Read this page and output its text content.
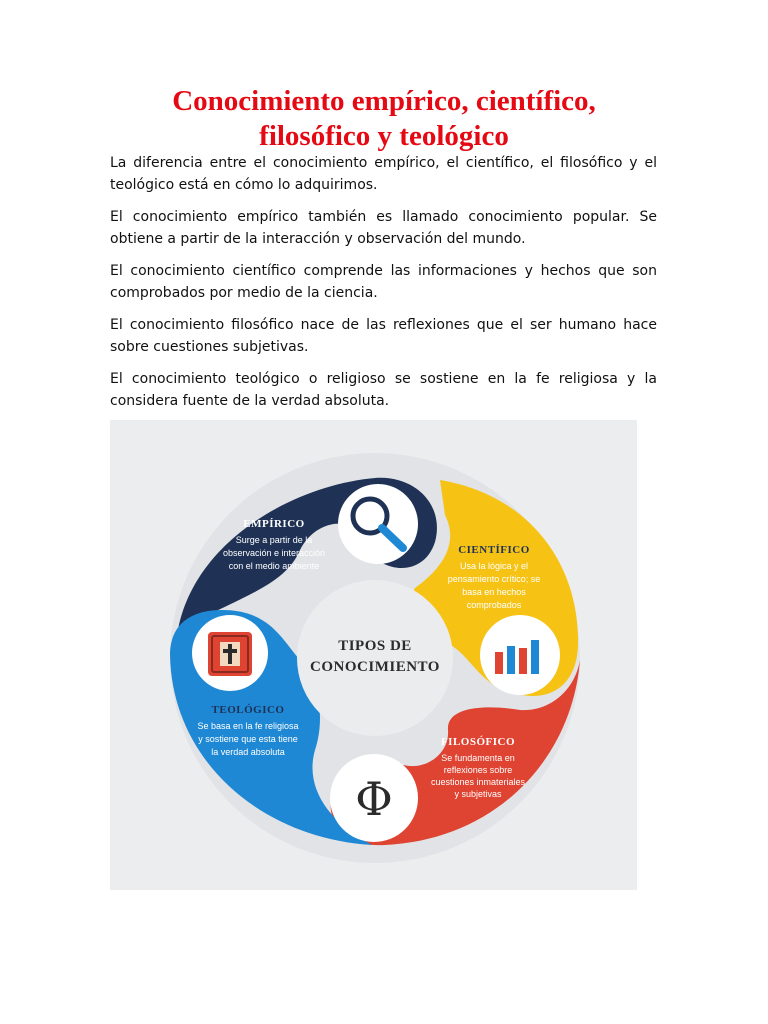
Conocimiento empírico, científico,
filosófico y teológico

La diferencia entre el conocimiento empírico, el científico, el filosófico y el teológico está en cómo lo adquirimos.

El conocimiento empírico también es llamado conocimiento popular. Se obtiene a partir de la interacción y observación del mundo.

El conocimiento científico comprende las informaciones y hechos que son comprobados por medio de la ciencia.

El conocimiento filosófico nace de las reflexiones que el ser humano hace sobre cuestiones subjetivas.

El conocimiento teológico o religioso se sostiene en la fe religiosa y la considera fuente de la verdad absoluta.

TIPOS DE
CONOCIMIENTO
Φ
EMPÍRICO
Surge a partir de la
observación e interacción
con el medio ambiente
CIENTÍFICO
Usa la lógica y el
pensamiento crítico; se
basa en hechos
comprobados
TEOLÓGICO
Se basa en la fe religiosa
y sostiene que esta tiene
la verdad absoluta
FILOSÓFICO
Se fundamenta en
reflexiones sobre
cuestiones inmateriales
y subjetivas
